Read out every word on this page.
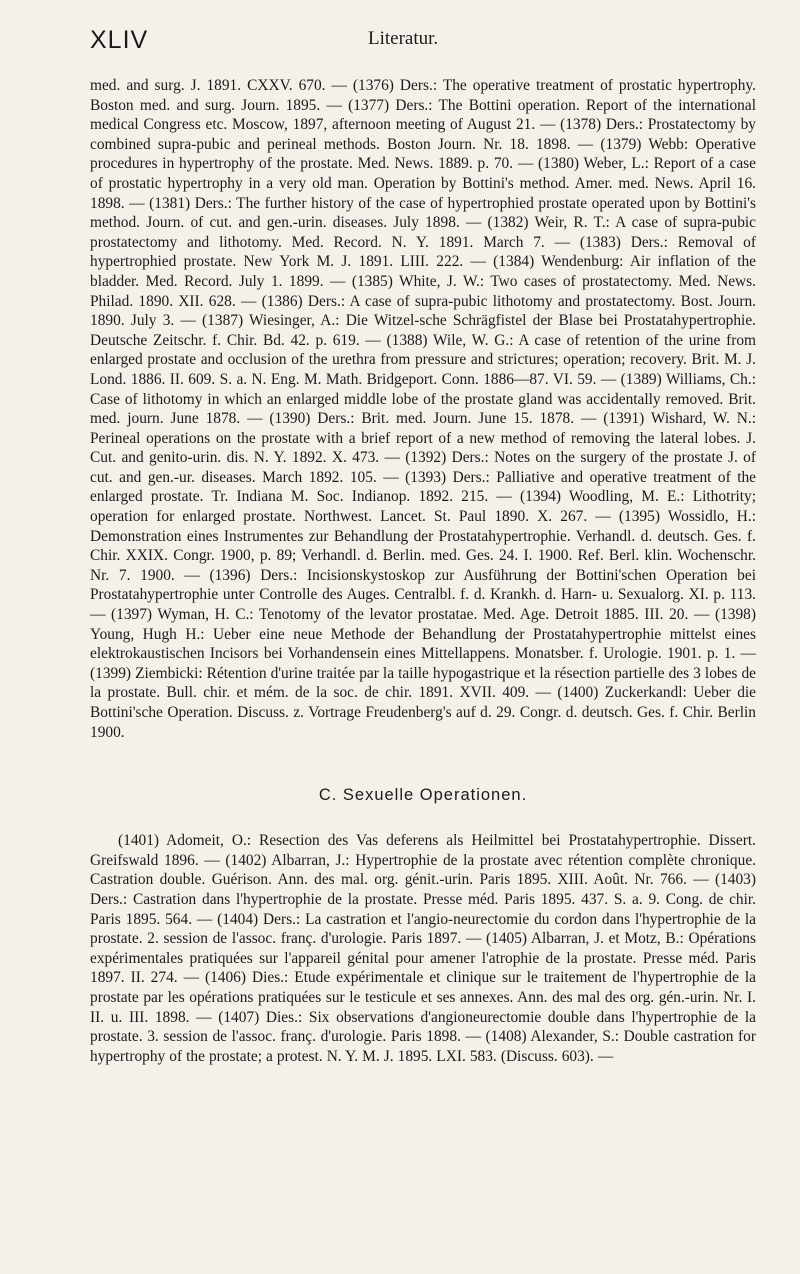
XLIV	Literatur.

med. and surg. J. 1891. CXXV. 670. — (1376) Ders.: The operative treatment of prostatic hypertrophy. Boston med. and surg. Journ. 1895. — (1377) Ders.: The Bottini operation. Report of the international medical Congress etc. Moscow, 1897, afternoon meeting of August 21. — (1378) Ders.: Prostatectomy by combined supra-pubic and perineal methods. Boston Journ. Nr. 18. 1898. — (1379) Webb: Operative procedures in hypertrophy of the prostate. Med. News. 1889. p. 70. — (1380) Weber, L.: Report of a case of prostatic hypertrophy in a very old man. Operation by Bottini's method. Amer. med. News. April 16. 1898. — (1381) Ders.: The further history of the case of hypertrophied prostate operated upon by Bottini's method. Journ. of cut. and gen.-urin. diseases. July 1898. — (1382) Weir, R. T.: A case of supra-pubic prostatectomy and lithotomy. Med. Record. N. Y. 1891. March 7. — (1383) Ders.: Removal of hypertrophied prostate. New York M. J. 1891. LIII. 222. — (1384) Wendenburg: Air inflation of the bladder. Med. Record. July 1. 1899. — (1385) White, J. W.: Two cases of prostatectomy. Med. News. Philad. 1890. XII. 628. — (1386) Ders.: A case of supra-pubic lithotomy and prostatectomy. Bost. Journ. 1890. July 3. — (1387) Wiesinger, A.: Die Witzel-sche Schrägfistel der Blase bei Prostatahypertrophie. Deutsche Zeitschr. f. Chir. Bd. 42. p. 619. — (1388) Wile, W. G.: A case of retention of the urine from enlarged prostate and occlusion of the urethra from pressure and strictures; operation; recovery. Brit. M. J. Lond. 1886. II. 609. S. a. N. Eng. M. Math. Bridgeport. Conn. 1886—87. VI. 59. — (1389) Williams, Ch.: Case of lithotomy in which an enlarged middle lobe of the prostate gland was accidentally removed. Brit. med. journ. June 1878. — (1390) Ders.: Brit. med. Journ. June 15. 1878. — (1391) Wishard, W. N.: Perineal operations on the prostate with a brief report of a new method of removing the lateral lobes. J. Cut. and genito-urin. dis. N. Y. 1892. X. 473. — (1392) Ders.: Notes on the surgery of the prostate J. of cut. and gen.-ur. diseases. March 1892. 105. — (1393) Ders.: Palliative and operative treatment of the enlarged prostate. Tr. Indiana M. Soc. Indianop. 1892. 215. — (1394) Woodling, M. E.: Lithotrity; operation for enlarged prostate. Northwest. Lancet. St. Paul 1890. X. 267. — (1395) Wossidlo, H.: Demonstration eines Instrumentes zur Behandlung der Prostatahypertrophie. Verhandl. d. deutsch. Ges. f. Chir. XXIX. Congr. 1900, p. 89; Verhandl. d. Berlin. med. Ges. 24. I. 1900. Ref. Berl. klin. Wochenschr. Nr. 7. 1900. — (1396) Ders.: Incisionskystoskop zur Ausführung der Bottini'schen Operation bei Prostatahypertrophie unter Controlle des Auges. Centralbl. f. d. Krankh. d. Harn- u. Sexualorg. XI. p. 113. — (1397) Wyman, H. C.: Tenotomy of the levator prostatae. Med. Age. Detroit 1885. III. 20. — (1398) Young, Hugh H.: Ueber eine neue Methode der Behandlung der Prostatahypertrophie mittelst eines elektrokaustischen Incisors bei Vorhandensein eines Mittellappens. Monatsber. f. Urologie. 1901. p. 1. — (1399) Ziembicki: Rétention d'urine traitée par la taille hypogastrique et la résection partielle des 3 lobes de la prostate. Bull. chir. et mém. de la soc. de chir. 1891. XVII. 409. — (1400) Zuckerkandl: Ueber die Bottini'sche Operation. Discuss. z. Vortrage Freudenberg's auf d. 29. Congr. d. deutsch. Ges. f. Chir. Berlin 1900.

C. Sexuelle Operationen.

(1401) Adomeit, O.: Resection des Vas deferens als Heilmittel bei Prostatahypertrophie. Dissert. Greifswald 1896. — (1402) Albarran, J.: Hypertrophie de la prostate avec rétention complète chronique. Castration double. Guérison. Ann. des mal. org. génit.-urin. Paris 1895. XIII. Août. Nr. 766. — (1403) Ders.: Castration dans l'hypertrophie de la prostate. Presse méd. Paris 1895. 437. S. a. 9. Cong. de chir. Paris 1895. 564. — (1404) Ders.: La castration et l'angio-neurectomie du cordon dans l'hypertrophie de la prostate. 2. session de l'assoc. franç. d'urologie. Paris 1897. — (1405) Albarran, J. et Motz, B.: Opérations expérimentales pratiquées sur l'appareil génital pour amener l'atrophie de la prostate. Presse méd. Paris 1897. II. 274. — (1406) Dies.: Etude expérimentale et clinique sur le traitement de l'hypertrophie de la prostate par les opérations pratiquées sur le testicule et ses annexes. Ann. des mal des org. gén.-urin. Nr. I. II. u. III. 1898. — (1407) Dies.: Six observations d'angioneurectomie double dans l'hypertrophie de la prostate. 3. session de l'assoc. franç. d'urologie. Paris 1898. — (1408) Alexander, S.: Double castration for hypertrophy of the prostate; a protest. N. Y. M. J. 1895. LXI. 583. (Discuss. 603). —
